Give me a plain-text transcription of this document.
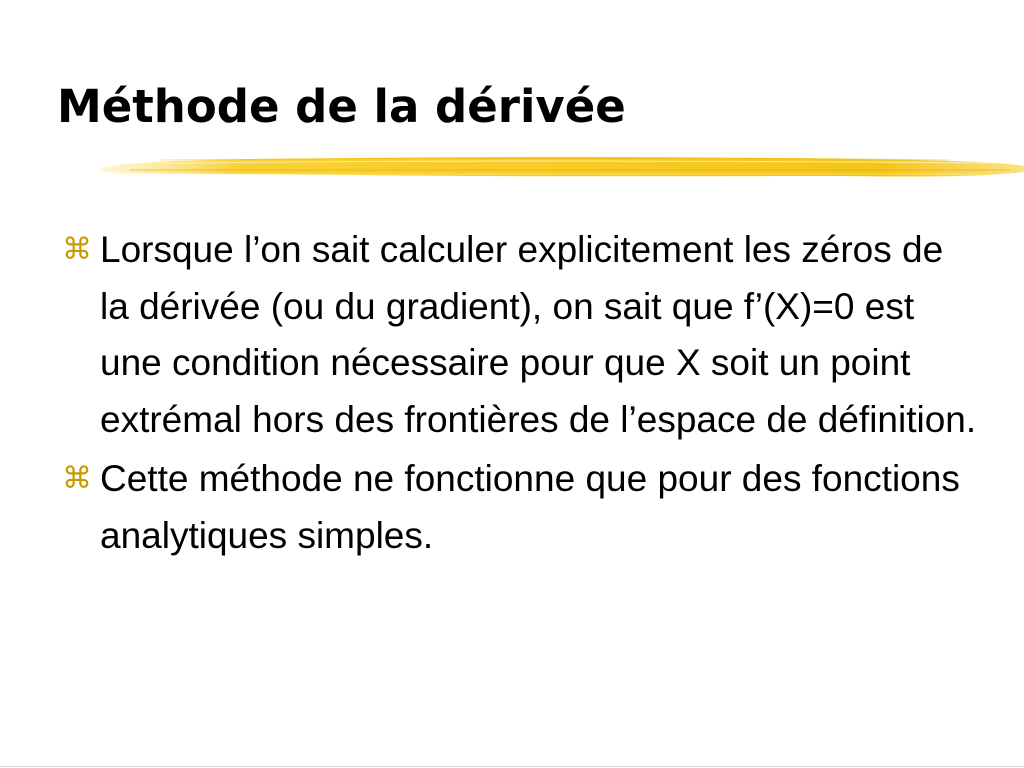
Méthode de la dérivée
⌘ Lorsque l’on sait calculer explicitement les zéros de la dérivée (ou du gradient), on sait que f’(X)=0 est une condition nécessaire pour que X soit un point extrémal hors des frontières de l’espace de définition.
⌘ Cette méthode ne fonctionne que pour des fonctions analytiques simples.
